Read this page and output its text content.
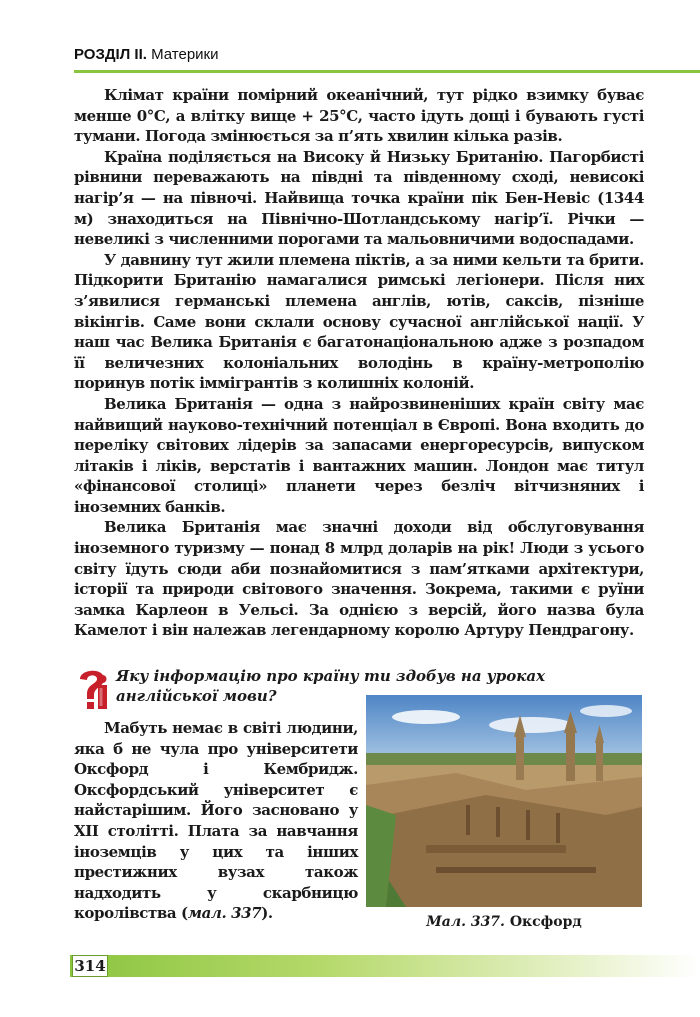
РОЗДІЛ II. Материки

Клімат країни помірний океанічний, тут рідко взимку буває менше 0°С, а влітку вище + 25°С, часто ідуть дощі і бувають густі тумани. Погода змінюється за п’ять хвилин кілька разів.

Країна поділяється на Високу й Низьку Британію. Пагорбисті рівнини переважають на півдні та південному сході, невисокі нагір’я — на півночі. Найвища точка країни пік Бен-Невіс (1344 м) знаходиться на Північно-Шотландському нагір’ї. Річки — невеликі з численними порогами та мальовничими водоспадами.

У давнину тут жили племена піктів, а за ними кельти та брити. Підкорити Британію намагалися римські легіонери. Після них з’явилися германські племена англів, ютів, саксів, пізніше вікінгів. Саме вони склали основу сучасної англійської нації. У наш час Велика Британія є багатонаціональною адже з розпадом її величезних колоніальних володінь в країну-метрополію поринув потік іммігрантів з колишніх колоній.

Велика Британія — одна з найрозвиненіших країн світу має найвищий науково-технічний потенціал в Європі. Вона входить до переліку світових лідерів за запасами енергоресурсів, випуском літаків і ліків, верстатів і вантажних машин. Лондон має титул «фінансової столиці» планети через безліч вітчизняних і іноземних банків.

Велика Британія має значні доходи від обслуговування іноземного туризму — понад 8 млрд доларів на рік! Люди з усього світу їдуть сюди аби познайомитися з пам’ятками архітектури, історії та природи світового значення. Зокрема, такими є руїни замка Карлеон в Уельсі. За однією з версій, його назва була Камелот і він належав легендарному королю Артуру Пендрагону.

Яку інформацію про країну ти здобув на уроках англійської мови?

Мабуть немає в світі людини, яка б не чула про університети Оксфорд і Кембридж. Оксфордський університет є найстарішим. Його засновано у XII столітті. Плата за навчання іноземців у цих та інших престижних вузах також надходить у скарбницю королівства (мал. 337).	Мал. 337. Оксфорд
314
